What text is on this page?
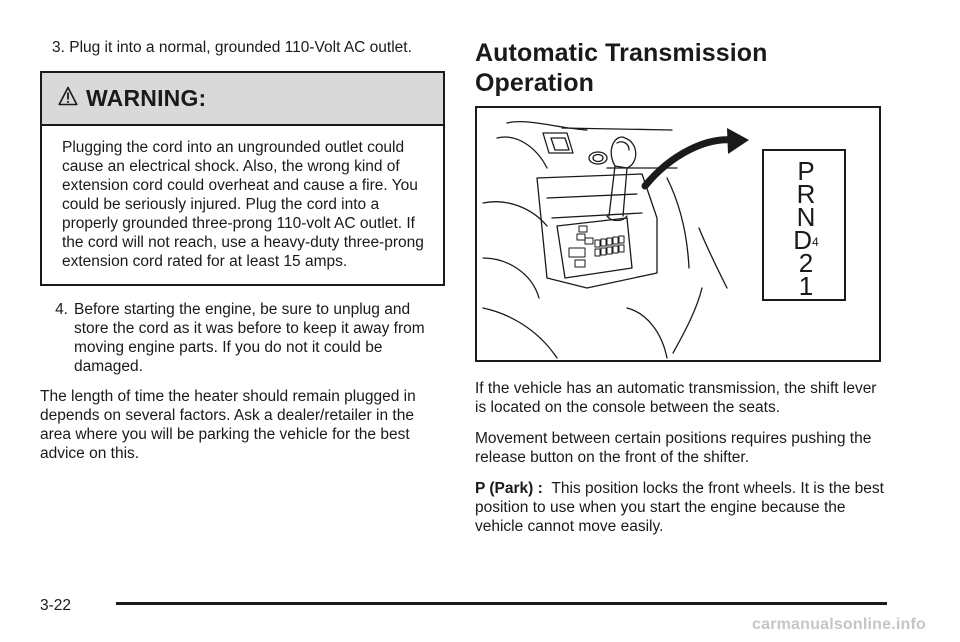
3. Plug it into a normal, grounded 110-Volt AC outlet.

WARNING:
Plugging the cord into an ungrounded outlet could cause an electrical shock. Also, the wrong kind of extension cord could overheat and cause a fire. You could be seriously injured. Plug the cord into a properly grounded three-prong 110-volt AC outlet. If the cord will not reach, use a heavy-duty three-prong extension cord rated for at least 15 amps.
4. Before starting the engine, be sure to unplug and store the cord as it was before to keep it away from moving engine parts. If you do not it could be damaged.

The length of time the heater should remain plugged in depends on several factors. Ask a dealer/retailer in the area where you will be parking the vehicle for the best advice on this.

Automatic Transmission Operation
P
R
N
$D^4$
2
1

If the vehicle has an automatic transmission, the shift lever is located on the console between the seats.

Movement between certain positions requires pushing the release button on the front of the shifter.

P (Park) : This position locks the front wheels. It is the best position to use when you start the engine because the vehicle cannot move easily.

3-22
carmanualsonline.info
